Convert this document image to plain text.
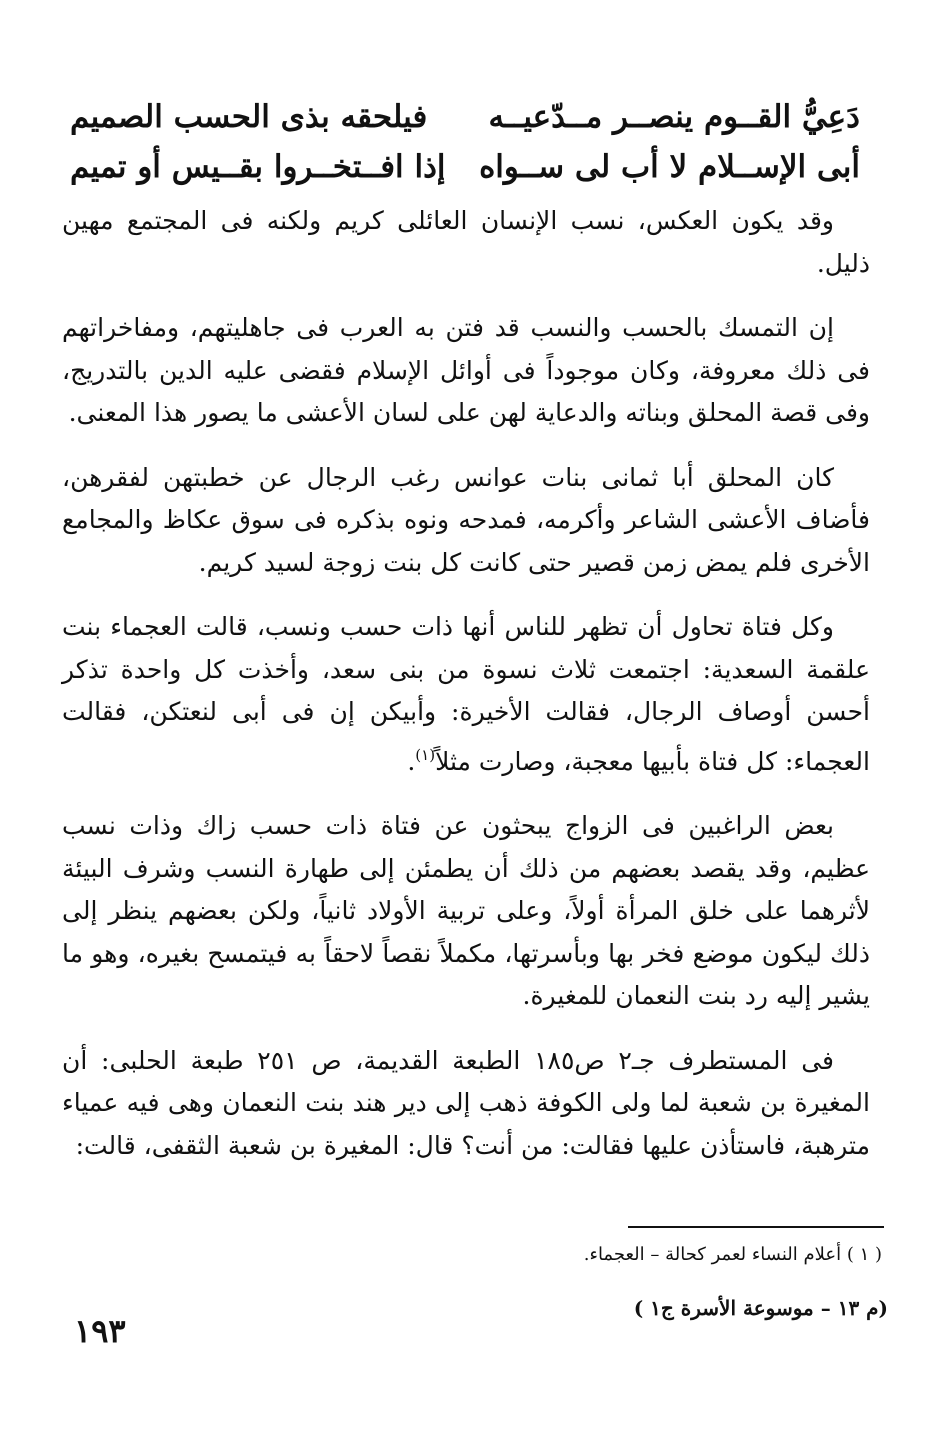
دَعِيُّ القــوم ينصــر مــدّعيــه
فيلحقه بذى الحسب الصميم
أبى الإســلام لا أب لى ســواه
إذا افــتخــروا بقــيس أو تميم

وقد يكون العكس، نسب الإنسان العائلى كريم ولكنه فى المجتمع مهين ذليل.

إن التمسك بالحسب والنسب قد فتن به العرب فى جاهليتهم، ومفاخراتهم فى ذلك معروفة، وكان موجوداً فى أوائل الإسلام فقضى عليه الدين بالتدريج، وفى قصة المحلق وبناته والدعاية لهن على لسان الأعشى ما يصور هذا المعنى.

كان المحلق أبا ثمانى بنات عوانس رغب الرجال عن خطبتهن لفقرهن، فأضاف الأعشى الشاعر وأكرمه، فمدحه ونوه بذكره فى سوق عكاظ والمجامع الأخرى فلم يمض زمن قصير حتى كانت كل بنت زوجة لسيد كريم.

وكل فتاة تحاول أن تظهر للناس أنها ذات حسب ونسب، قالت العجماء بنت علقمة السعدية: اجتمعت ثلاث نسوة من بنى سعد، وأخذت كل واحدة تذكر أحسن أوصاف الرجال، فقالت الأخيرة: وأبيكن إن فى أبى لنعتكن، فقالت العجماء: كل فتاة بأبيها معجبة، وصارت مثلاً$^{(١)}$.

بعض الراغبين فى الزواج يبحثون عن فتاة ذات حسب زاك وذات نسب عظيم، وقد يقصد بعضهم من ذلك أن يطمئن إلى طهارة النسب وشرف البيئة لأثرهما على خلق المرأة أولاً، وعلى تربية الأولاد ثانياً، ولكن بعضهم ينظر إلى ذلك ليكون موضع فخر بها وبأسرتها، مكملاً نقصاً لاحقاً به فيتمسح بغيره، وهو ما يشير إليه رد بنت النعمان للمغيرة.

فى المستطرف جـ٢ ص١٨٥ الطبعة القديمة، ص ٢٥١ طبعة الحلبى: أن المغيرة بن شعبة لما ولى الكوفة ذهب إلى دير هند بنت النعمان وهى فيه عمياء مترهبة، فاستأذن عليها فقالت: من أنت؟ قال: المغيرة بن شعبة الثقفى، قالت:

( ١ ) أعلام النساء لعمر كحالة – العجماء.
(م ١٣ – موسوعة الأسرة ج١ )
١٩٣
